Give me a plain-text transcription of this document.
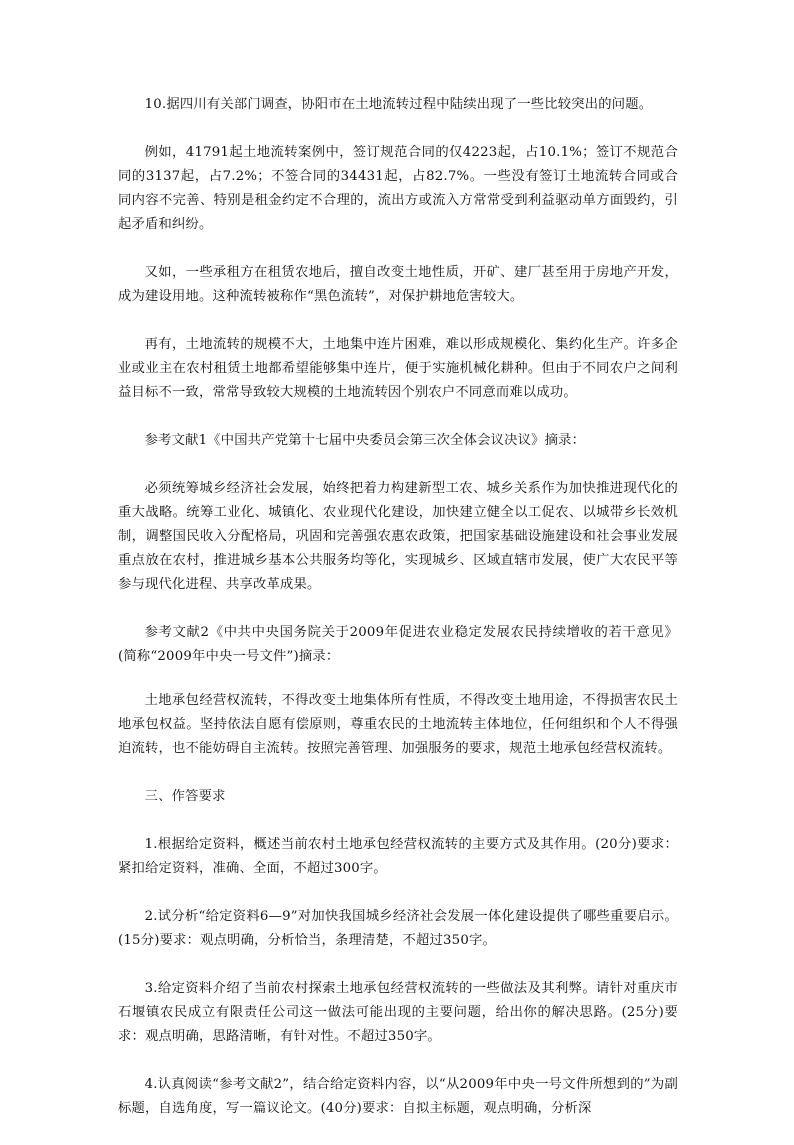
10.据四川有关部门调查，协阳市在土地流转过程中陆续出现了一些比较突出的问题。

例如，41791起土地流转案例中，签订规范合同的仅4223起，占10.1%；签订不规范合同的3137起，占7.2%；不签合同的34431起，占82.7%。一些没有签订土地流转合同或合同内容不完善、特别是租金约定不合理的，流出方或流入方常常受到利益驱动单方面毁约，引起矛盾和纠纷。

又如，一些承租方在租赁农地后，擅自改变土地性质，开矿、建厂甚至用于房地产开发，成为建设用地。这种流转被称作“黑色流转”，对保护耕地危害较大。

再有，土地流转的规模不大，土地集中连片困难，难以形成规模化、集约化生产。许多企业或业主在农村租赁土地都希望能够集中连片，便于实施机械化耕种。但由于不同农户之间利益目标不一致，常常导致较大规模的土地流转因个别农户不同意而难以成功。

参考文献1《中国共产党第十七届中央委员会第三次全体会议决议》摘录：

必须统筹城乡经济社会发展，始终把着力构建新型工农、城乡关系作为加快推进现代化的重大战略。统筹工业化、城镇化、农业现代化建设，加快建立健全以工促农、以城带乡长效机制，调整国民收入分配格局，巩固和完善强农惠农政策，把国家基础设施建设和社会事业发展重点放在农村，推进城乡基本公共服务均等化，实现城乡、区域直辖市发展，使广大农民平等参与现代化进程、共享改革成果。

参考文献2《中共中央国务院关于2009年促进农业稳定发展农民持续增收的若干意见》(简称“2009年中央一号文件”)摘录：

土地承包经营权流转，不得改变土地集体所有性质，不得改变土地用途，不得损害农民土地承包权益。坚持依法自愿有偿原则，尊重农民的土地流转主体地位，任何组织和个人不得强迫流转，也不能妨碍自主流转。按照完善管理、加强服务的要求，规范土地承包经营权流转。

三、作答要求

1.根据给定资料，概述当前农村土地承包经营权流转的主要方式及其作用。(20分)要求：紧扣给定资料，准确、全面，不超过300字。

2.试分析“给定资料6—9”对加快我国城乡经济社会发展一体化建设提供了哪些重要启示。(15分)要求：观点明确，分析恰当，条理清楚，不超过350字。

3.给定资料介绍了当前农村探索土地承包经营权流转的一些做法及其利弊。请针对重庆市石堰镇农民成立有限责任公司这一做法可能出现的主要问题，给出你的解决思路。(25分)要求：观点明确，思路清晰，有针对性。不超过350字。

4.认真阅读“参考文献2”，结合给定资料内容，以“从2009年中央一号文件所想到的”为副标题，自选角度，写一篇议论文。(40分)要求：自拟主标题，观点明确，分析深
